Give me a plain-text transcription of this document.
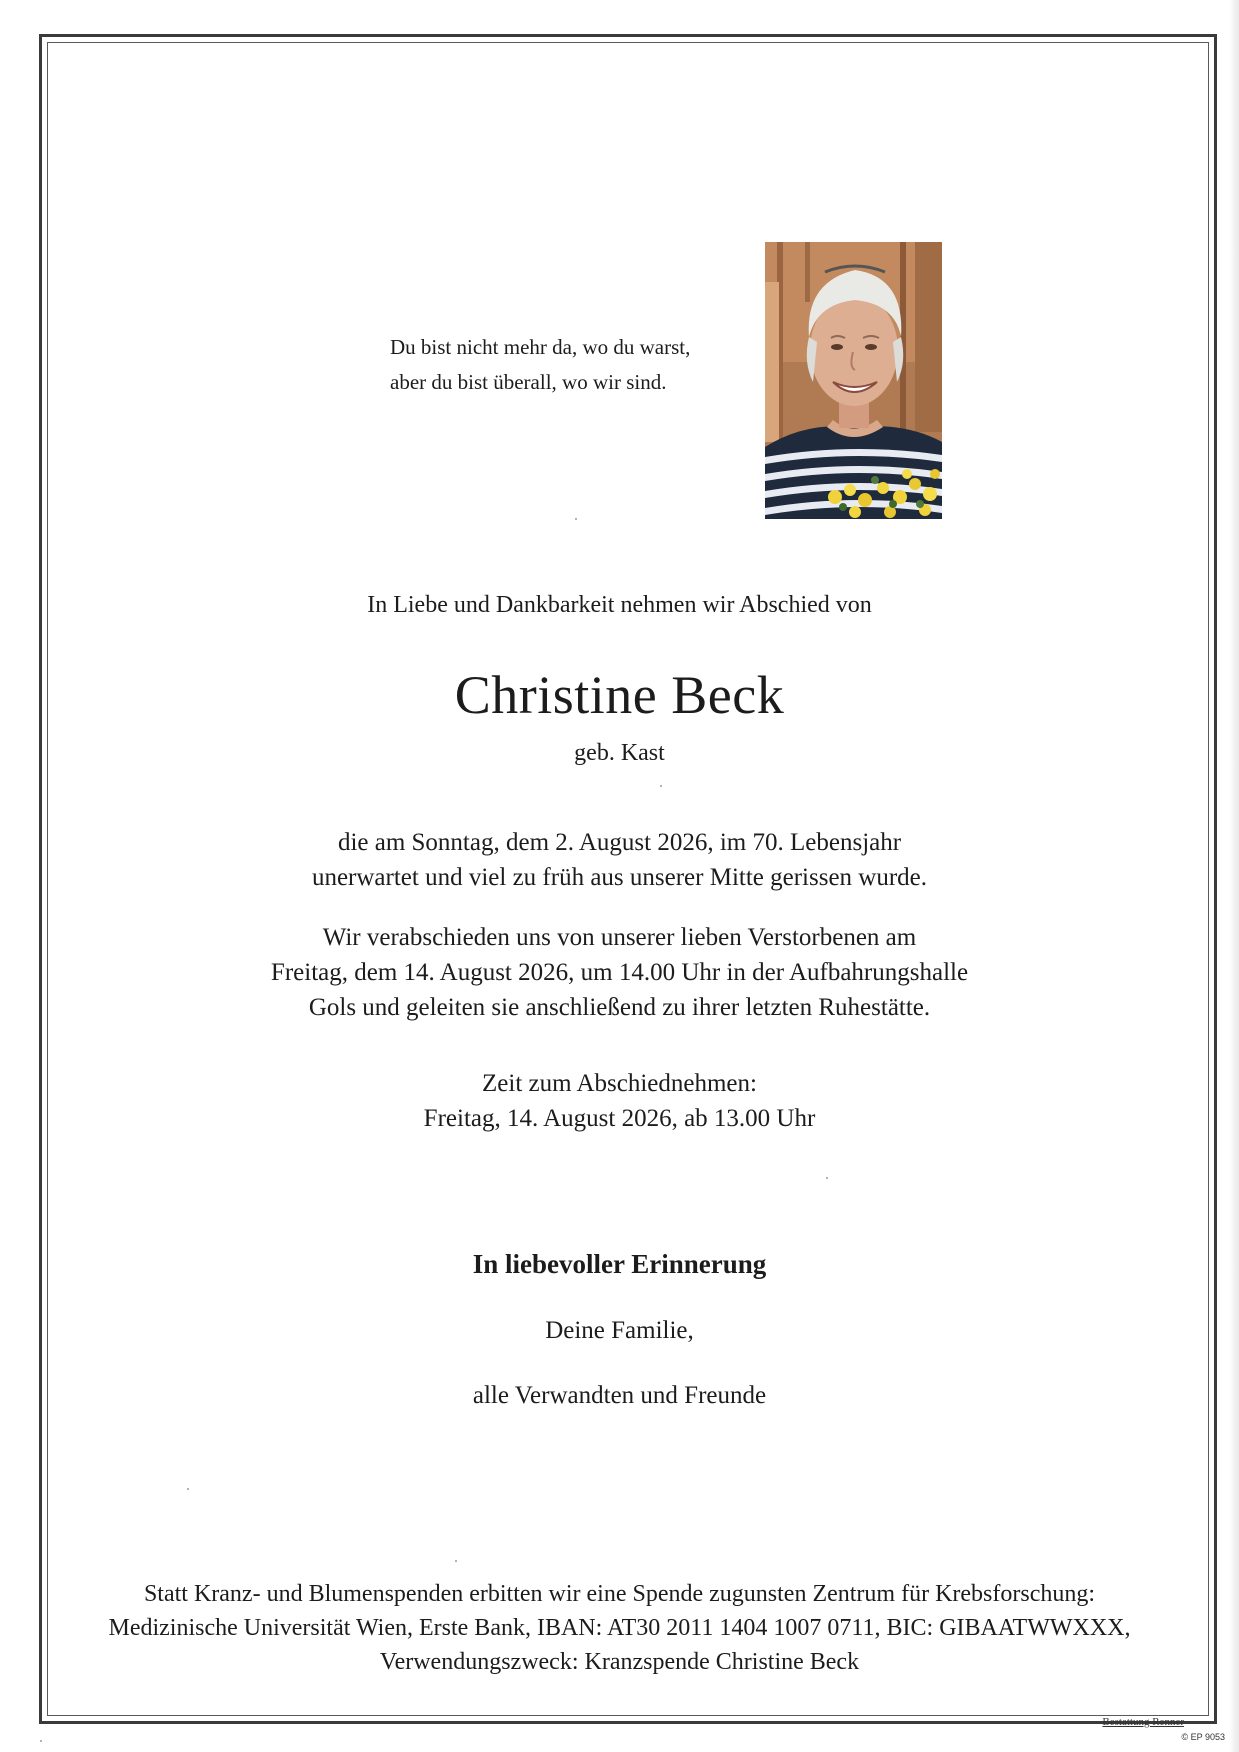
Du bist nicht mehr da, wo du warst,
aber du bist überall, wo wir sind.
In Liebe und Dankbarkeit nehmen wir Abschied von
Christine Beck
geb. Kast
die am Sonntag, dem 2. August 2026, im 70. Lebensjahr
unerwartet und viel zu früh aus unserer Mitte gerissen wurde.
Wir verabschieden uns von unserer lieben Verstorbenen am
Freitag, dem 14. August 2026, um 14.00 Uhr in der Aufbahrungshalle
Gols und geleiten sie anschließend zu ihrer letzten Ruhestätte.
Zeit zum Abschiednehmen:
Freitag, 14. August 2026, ab 13.00 Uhr
In liebevoller Erinnerung
Deine Familie,
alle Verwandten und Freunde
Statt Kranz- und Blumenspenden erbitten wir eine Spende zugunsten Zentrum für Krebsforschung:
Medizinische Universität Wien, Erste Bank, IBAN: AT30 2011 1404 1007 0711, BIC: GIBAATWWXXX,
Verwendungszweck: Kranzspende Christine Beck
Bestattung Renner
© EP 9053
